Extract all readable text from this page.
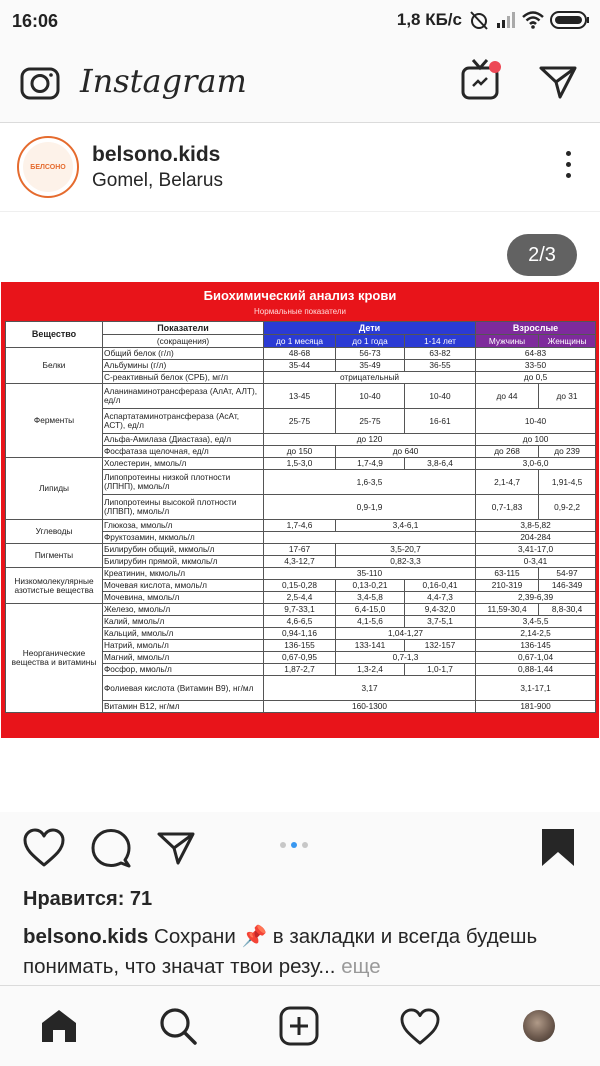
16:06	1,8 КБ/с
Instagram
БЕЛСОНО
belsono.kids
Gomel, Belarus
2/3
Биохимический анализ крови
Нормальные показатели
Вещество	Показатели	Дети			Взрослые	
	(сокращения)	до 1 месяца	до 1 года	1-14 лет	Мужчины	Женщины
Белки	Общий белок (г/л)	48-68	56-73	63-82	64-83	
	Альбумины (г/л)	35-44	35-49	36-55	33-50	
	С-реактивный белок (СРБ), мг/л	отрицательный			до 0,5	
Ферменты	Аланинаминотрансфераза (АлАт, АЛТ), ед/л	13-45	10-40	10-40	до 44	до 31
	Аспартатаминотрансфераза (АсАт, АСТ), ед/л	25-75	25-75	16-61	10-40	
	Альфа-Амилаза (Диастаза), ед/л	до 120			до 100	
	Фосфатаза щелочная, ед/л	до 150	до 640		до 268	до 239
Липиды	Холестерин, ммоль/л	1,5-3,0	1,7-4,9	3,8-6,4	3,0-6,0	
	Липопротеины низкой плотности (ЛПНП), ммоль/л	1,6-3,5			2,1-4,7	1,91-4,5
	Липопротеины высокой плотности (ЛПВП), ммоль/л	0,9-1,9			0,7-1,83	0,9-2,2
Углеводы	Глюкоза, ммоль/л	1,7-4,6	3,4-6,1		3,8-5,82	
	Фруктозамин, мкмоль/л				204-284	
Пигменты	Билирубин общий, мкмоль/л	17-67	3,5-20,7		3,41-17,0	
	Билирубин прямой, мкмоль/л	4,3-12,7	0,82-3,3		0-3,41	
Низкомолекулярные азотистые вещества	Креатинин, мкмоль/л	35-110			63-115	54-97
	Мочевая кислота, ммоль/л	0,15-0,28	0,13-0,21	0,16-0,41	210-319	146-349
	Мочевина, ммоль/л	2,5-4,4	3,4-5,8	4,4-7,3	2,39-6,39	
Неорганические вещества и витамины	Железо, ммоль/л	9,7-33,1	6,4-15,0	9,4-32,0	11,59-30,4	8,8-30,4
	Калий, ммоль/л	4,6-6,5	4,1-5,6	3,7-5,1	3,4-5,5	
	Кальций, ммоль/л	0,94-1,16	1,04-1,27		2,14-2,5	
	Натрий, ммоль/л	136-155	133-141	132-157	136-145	
	Магний, ммоль/л	0,67-0,95	0,7-1,3		0,67-1,04	
	Фосфор, ммоль/л	1,87-2,7	1,3-2,4	1,0-1,7	0,88-1,44	
	Фолиевая кислота (Витамин В9), нг/мл	3,17			3,1-17,1	
	Витамин В12, нг/мл	160-1300			181-900	
Нравится: 71
belsono.kids Сохрани 📌 в закладки и всегда будешь понимать, что значат твои резу... еще
